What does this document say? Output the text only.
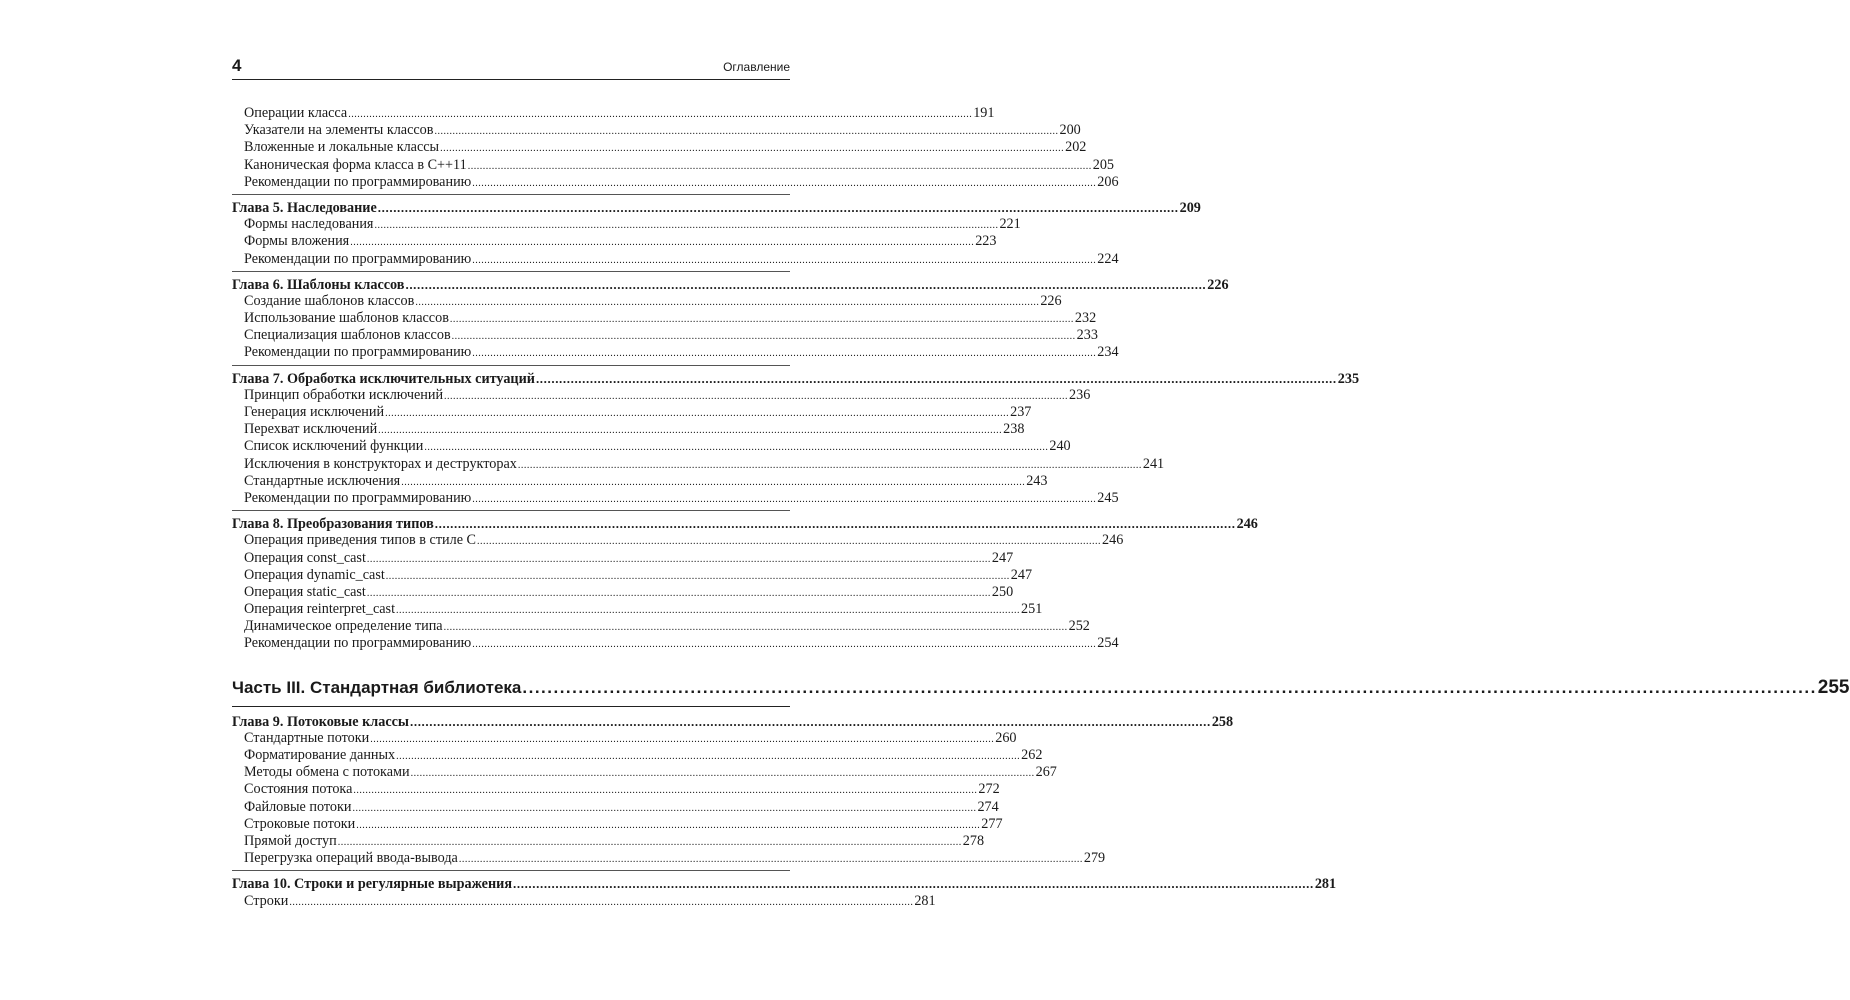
4	Оглавление
Операции класса ................................................................................................................................................................................................................ 191
Указатели на элементы классов ................................................................................................................................................................................................................ 200
Вложенные и локальные классы ................................................................................................................................................................................................................ 202
Каноническая форма класса в C++11 ................................................................................................................................................................................................................ 205
Рекомендации по программированию ................................................................................................................................................................................................................ 206
Глава 5. Наследование ................................................................................................................................................................................................................ 209
Формы наследования ................................................................................................................................................................................................................ 221
Формы вложения ................................................................................................................................................................................................................ 223
Рекомендации по программированию ................................................................................................................................................................................................................ 224
Глава 6. Шаблоны классов ................................................................................................................................................................................................................ 226
Создание шаблонов классов ................................................................................................................................................................................................................ 226
Использование шаблонов классов ................................................................................................................................................................................................................ 232
Специализация шаблонов классов ................................................................................................................................................................................................................ 233
Рекомендации по программированию ................................................................................................................................................................................................................ 234
Глава 7. Обработка исключительных ситуаций ................................................................................................................................................................................................................ 235
Принцип обработки исключений ................................................................................................................................................................................................................ 236
Генерация исключений ................................................................................................................................................................................................................ 237
Перехват исключений ................................................................................................................................................................................................................ 238
Список исключений функции ................................................................................................................................................................................................................ 240
Исключения в конструкторах и деструкторах ................................................................................................................................................................................................................ 241
Стандартные исключения ................................................................................................................................................................................................................ 243
Рекомендации по программированию ................................................................................................................................................................................................................ 245
Глава 8. Преобразования типов ................................................................................................................................................................................................................ 246
Операция приведения типов в стиле С ................................................................................................................................................................................................................ 246
Операция const_cast ................................................................................................................................................................................................................ 247
Операция dynamic_cast ................................................................................................................................................................................................................ 247
Операция static_cast ................................................................................................................................................................................................................ 250
Операция reinterpret_cast ................................................................................................................................................................................................................ 251
Динамическое определение типа ................................................................................................................................................................................................................ 252
Рекомендации по программированию ................................................................................................................................................................................................................ 254
Часть III. Стандартная библиотека ................................................................................................................................................................................................................ 255
Глава 9. Потоковые классы ................................................................................................................................................................................................................ 258
Стандартные потоки ................................................................................................................................................................................................................ 260
Форматирование данных ................................................................................................................................................................................................................ 262
Методы обмена с потоками ................................................................................................................................................................................................................ 267
Состояния потока ................................................................................................................................................................................................................ 272
Файловые потоки ................................................................................................................................................................................................................ 274
Строковые потоки ................................................................................................................................................................................................................ 277
Прямой доступ ................................................................................................................................................................................................................ 278
Перегрузка операций ввода-вывода ................................................................................................................................................................................................................ 279
Глава 10. Строки и регулярные выражения ................................................................................................................................................................................................................ 281
Строки ................................................................................................................................................................................................................ 281
